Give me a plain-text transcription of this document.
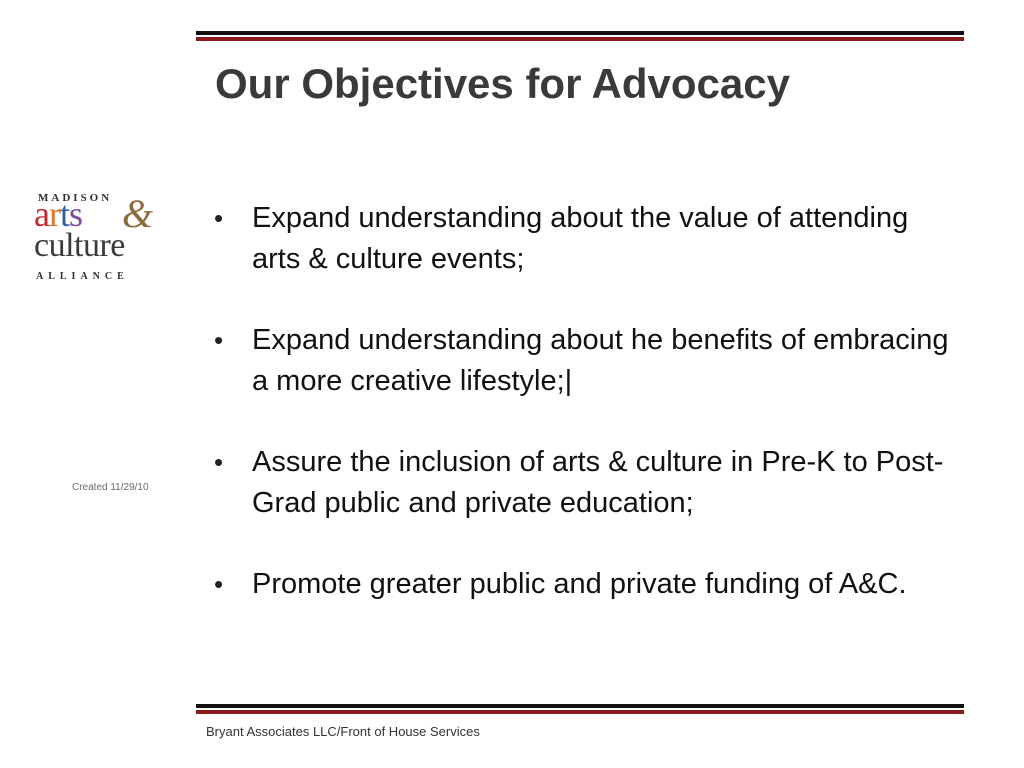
Our Objectives for Advocacy
MADISON
arts &
culture
ALLIANCE
Created 11/29/10
• Expand understanding about the value of attending arts & culture events;
• Expand understanding about he benefits of embracing a more creative lifestyle;|
• Assure the inclusion of arts & culture in Pre-K to Post-Grad public and private education;
• Promote greater public and private funding of A&C.
Bryant Associates LLC/Front of House Services
